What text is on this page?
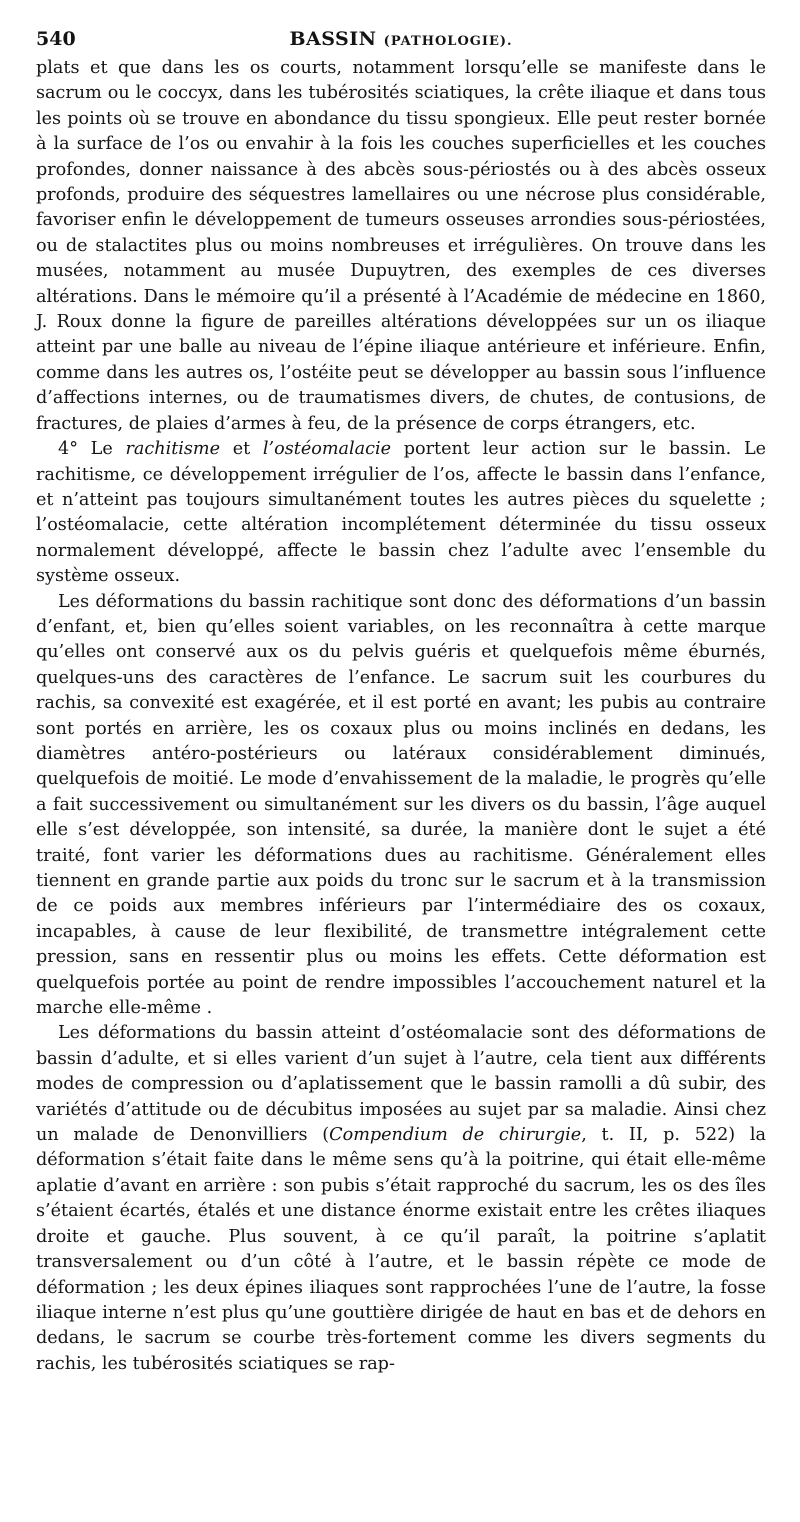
540	BASSIN (PATHOLOGIE).

plats et que dans les os courts, notamment lorsqu’elle se manifeste dans le sacrum ou le coccyx, dans les tubérosités sciatiques, la crête iliaque et dans tous les points où se trouve en abondance du tissu spongieux. Elle peut rester bornée à la surface de l’os ou envahir à la fois les couches superficielles et les couches profondes, donner naissance à des abcès sous-périostés ou à des abcès osseux profonds, produire des séquestres lamellaires ou une nécrose plus considérable, favoriser enfin le développement de tumeurs osseuses arrondies sous-périostées, ou de stalactites plus ou moins nombreuses et irrégulières. On trouve dans les musées, notamment au musée Dupuytren, des exemples de ces diverses altérations. Dans le mémoire qu’il a présenté à l’Académie de médecine en 1860, J. Roux donne la figure de pareilles altérations développées sur un os iliaque atteint par une balle au niveau de l’épine iliaque antérieure et inférieure. Enfin, comme dans les autres os, l’ostéite peut se développer au bassin sous l’influence d’affections internes, ou de traumatismes divers, de chutes, de contusions, de fractures, de plaies d’armes à feu, de la présence de corps étrangers, etc.

4° Le rachitisme et l’ostéomalacie portent leur action sur le bassin. Le rachitisme, ce développement irrégulier de l’os, affecte le bassin dans l’enfance, et n’atteint pas toujours simultanément toutes les autres pièces du squelette ; l’ostéomalacie, cette altération incomplétement déterminée du tissu osseux normalement développé, affecte le bassin chez l’adulte avec l’ensemble du système osseux.

Les déformations du bassin rachitique sont donc des déformations d’un bassin d’enfant, et, bien qu’elles soient variables, on les reconnaîtra à cette marque qu’elles ont conservé aux os du pelvis guéris et quelquefois même éburnés, quelques-uns des caractères de l’enfance. Le sacrum suit les courbures du rachis, sa convexité est exagérée, et il est porté en avant; les pubis au contraire sont portés en arrière, les os coxaux plus ou moins inclinés en dedans, les diamètres antéro-postérieurs ou latéraux considérablement diminués, quelquefois de moitié. Le mode d’envahissement de la maladie, le progrès qu’elle a fait successivement ou simultanément sur les divers os du bassin, l’âge auquel elle s’est développée, son intensité, sa durée, la manière dont le sujet a été traité, font varier les déformations dues au rachitisme. Généralement elles tiennent en grande partie aux poids du tronc sur le sacrum et à la transmission de ce poids aux membres inférieurs par l’intermédiaire des os coxaux, incapables, à cause de leur flexibilité, de transmettre intégralement cette pression, sans en ressentir plus ou moins les effets. Cette déformation est quelquefois portée au point de rendre impossibles l’accouchement naturel et la marche elle-même .

Les déformations du bassin atteint d’ostéomalacie sont des déformations de bassin d’adulte, et si elles varient d’un sujet à l’autre, cela tient aux différents modes de compression ou d’aplatissement que le bassin ramolli a dû subir, des variétés d’attitude ou de décubitus imposées au sujet par sa maladie. Ainsi chez un malade de Denonvilliers (Compendium de chirurgie, t. II, p. 522) la déformation s’était faite dans le même sens qu’à la poitrine, qui était elle-même aplatie d’avant en arrière : son pubis s’était rapproché du sacrum, les os des îles s’étaient écartés, étalés et une distance énorme existait entre les crêtes iliaques droite et gauche. Plus souvent, à ce qu’il paraît, la poitrine s’aplatit transversalement ou d’un côté à l’autre, et le bassin répète ce mode de déformation ; les deux épines iliaques sont rapprochées l’une de l’autre, la fosse iliaque interne n’est plus qu’une gouttière dirigée de haut en bas et de dehors en dedans, le sacrum se courbe très-fortement comme les divers segments du rachis, les tubérosités sciatiques se rap-
